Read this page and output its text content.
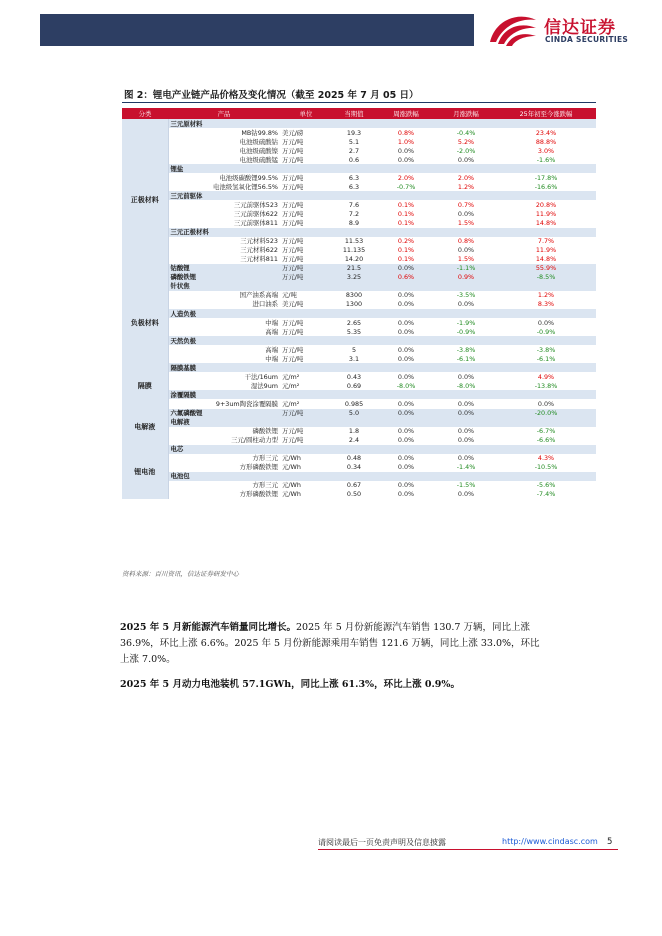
信达证券
CINDA SECURITIES
图 2：锂电产业链产品价格及变化情况（截至 2025 年 7 月 05 日）
分类	产品	单位	当期值	周涨跌幅	月涨跌幅	25年初至今涨跌幅
正极材料	三元原材料					
	MB钴99.8%	美元/磅	19.3	0.8%	-0.4%	23.4%
	电池级硫酸钴	万元/吨	5.1	1.0%	5.2%	88.8%
	电池级硫酸镍	万元/吨	2.7	0.0%	-2.0%	3.0%
	电池级硫酸锰	万元/吨	0.6	0.0%	0.0%	-1.6%
	锂盐					
	电池级碳酸锂99.5%	万元/吨	6.3	2.0%	2.0%	-17.8%
	电池级氢氧化锂56.5%	万元/吨	6.3	-0.7%	1.2%	-16.6%
	三元前驱体					
	三元前驱体523	万元/吨	7.6	0.1%	0.7%	20.8%
	三元前驱体622	万元/吨	7.2	0.1%	0.0%	11.9%
	三元前驱体811	万元/吨	8.9	0.1%	1.5%	14.8%
	三元正极材料					
	三元材料523	万元/吨	11.53	0.2%	0.8%	7.7%
	三元材料622	万元/吨	11.135	0.1%	0.0%	11.9%
	三元材料811	万元/吨	14.20	0.1%	1.5%	14.8%
	钴酸锂	万元/吨	21.5	0.0%	-1.1%	55.9%
	磷酸铁锂	万元/吨	3.25	0.6%	0.9%	-8.5%
负极材料	针状焦					
	国产油系高端	元/吨	8300	0.0%	-3.5%	1.2%
	进口油系	美元/吨	1300	0.0%	0.0%	8.3%
	人造负极					
	中端	万元/吨	2.65	0.0%	-1.9%	0.0%
	高端	万元/吨	5.35	0.0%	-0.9%	-0.9%
	天然负极					
	高端	万元/吨	5	0.0%	-3.8%	-3.8%
	中端	万元/吨	3.1	0.0%	-6.1%	-6.1%
隔膜	隔膜基膜					
	干法/16um	元/m²	0.43	0.0%	0.0%	4.9%
	湿法9um	元/m²	0.69	-8.0%	-8.0%	-13.8%
	涂覆隔膜					
	9+3um陶瓷涂覆隔膜	元/m²	0.985	0.0%	0.0%	0.0%
电解液	六氟磷酸锂	万元/吨	5.0	0.0%	0.0%	-20.0%
	电解液					
	磷酸铁锂	万元/吨	1.8	0.0%	0.0%	-6.7%
	三元/圆柱动力型	万元/吨	2.4	0.0%	0.0%	-6.6%
锂电池	电芯					
	方形三元	元/Wh	0.48	0.0%	0.0%	4.3%
	方形磷酸铁锂	元/Wh	0.34	0.0%	-1.4%	-10.5%
	电池包					
	方形三元	元/Wh	0.67	0.0%	-1.5%	-5.6%
	方形磷酸铁锂	元/Wh	0.50	0.0%	0.0%	-7.4%
资料来源：百川资讯，信达证券研发中心
2025 年 5 月新能源汽车销量同比增长。2025 年 5 月份新能源汽车销售 130.7 万辆，同比上涨 36.9%，环比上涨 6.6%。2025 年 5 月份新能源乘用车销售 121.6 万辆，同比上涨 33.0%，环比上涨 7.0%。
2025 年 5 月动力电池装机 57.1GWh，同比上涨 61.3%，环比上涨 0.9%。
请阅读最后一页免责声明及信息披露	http://www.cindasc.com 5
